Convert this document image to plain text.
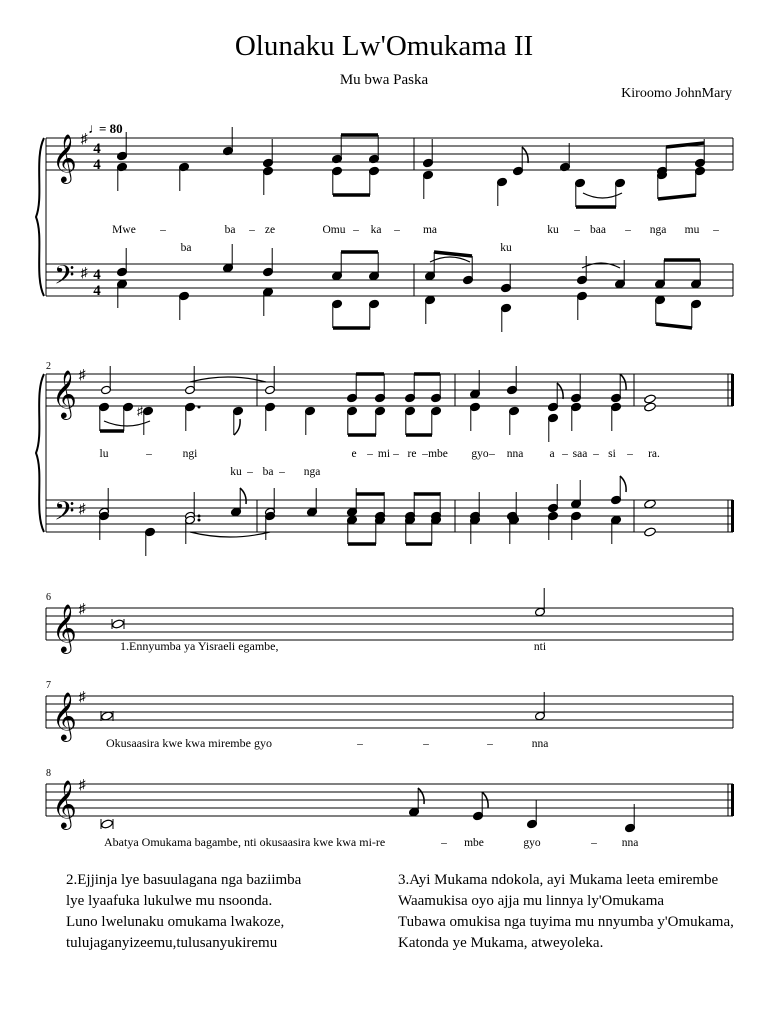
Olunaku Lw'Omukama II
Mu bwa Paska
Kiroomo JohnMary
𝄞
𝄢
♯
♯
4
4
4
4
♩
= 80
Mwe –	ba – ze	Omu – ka – ma	ku – baa – nga mu –
ba	ku
2
𝄞
𝄢
♯
♯
♯
lu	–	ngi	e – mi – re – mbe gyo – nna a – saa – si – ra.
ku – ba – nga
6
𝄞 ♯
1.Ennyumba ya Yisraeli egambe,	nti
7
𝄞 ♯
Okusaasira kwe kwa mirembe gyo	–	–	–	nna
8
𝄞 ♯
Abatya Omukama bagambe, nti okusaasira kwe kwa mi-re	– mbe	gyo	– nna
2.Ejjinja lye basuulagana nga baziimba
lye lyaafuka lukulwe mu nsoonda.
Luno lwelunaku omukama lwakoze,
tulujaganyizeemu,tulusanyukiremu
3.Ayi Mukama ndokola, ayi Mukama leeta emirembe
Waamukisa oyo ajja mu linnya ly'Omukama
Tubawa omukisa nga tuyima mu nnyumba y'Omukama,
Katonda ye Mukama, atweyoleka.
